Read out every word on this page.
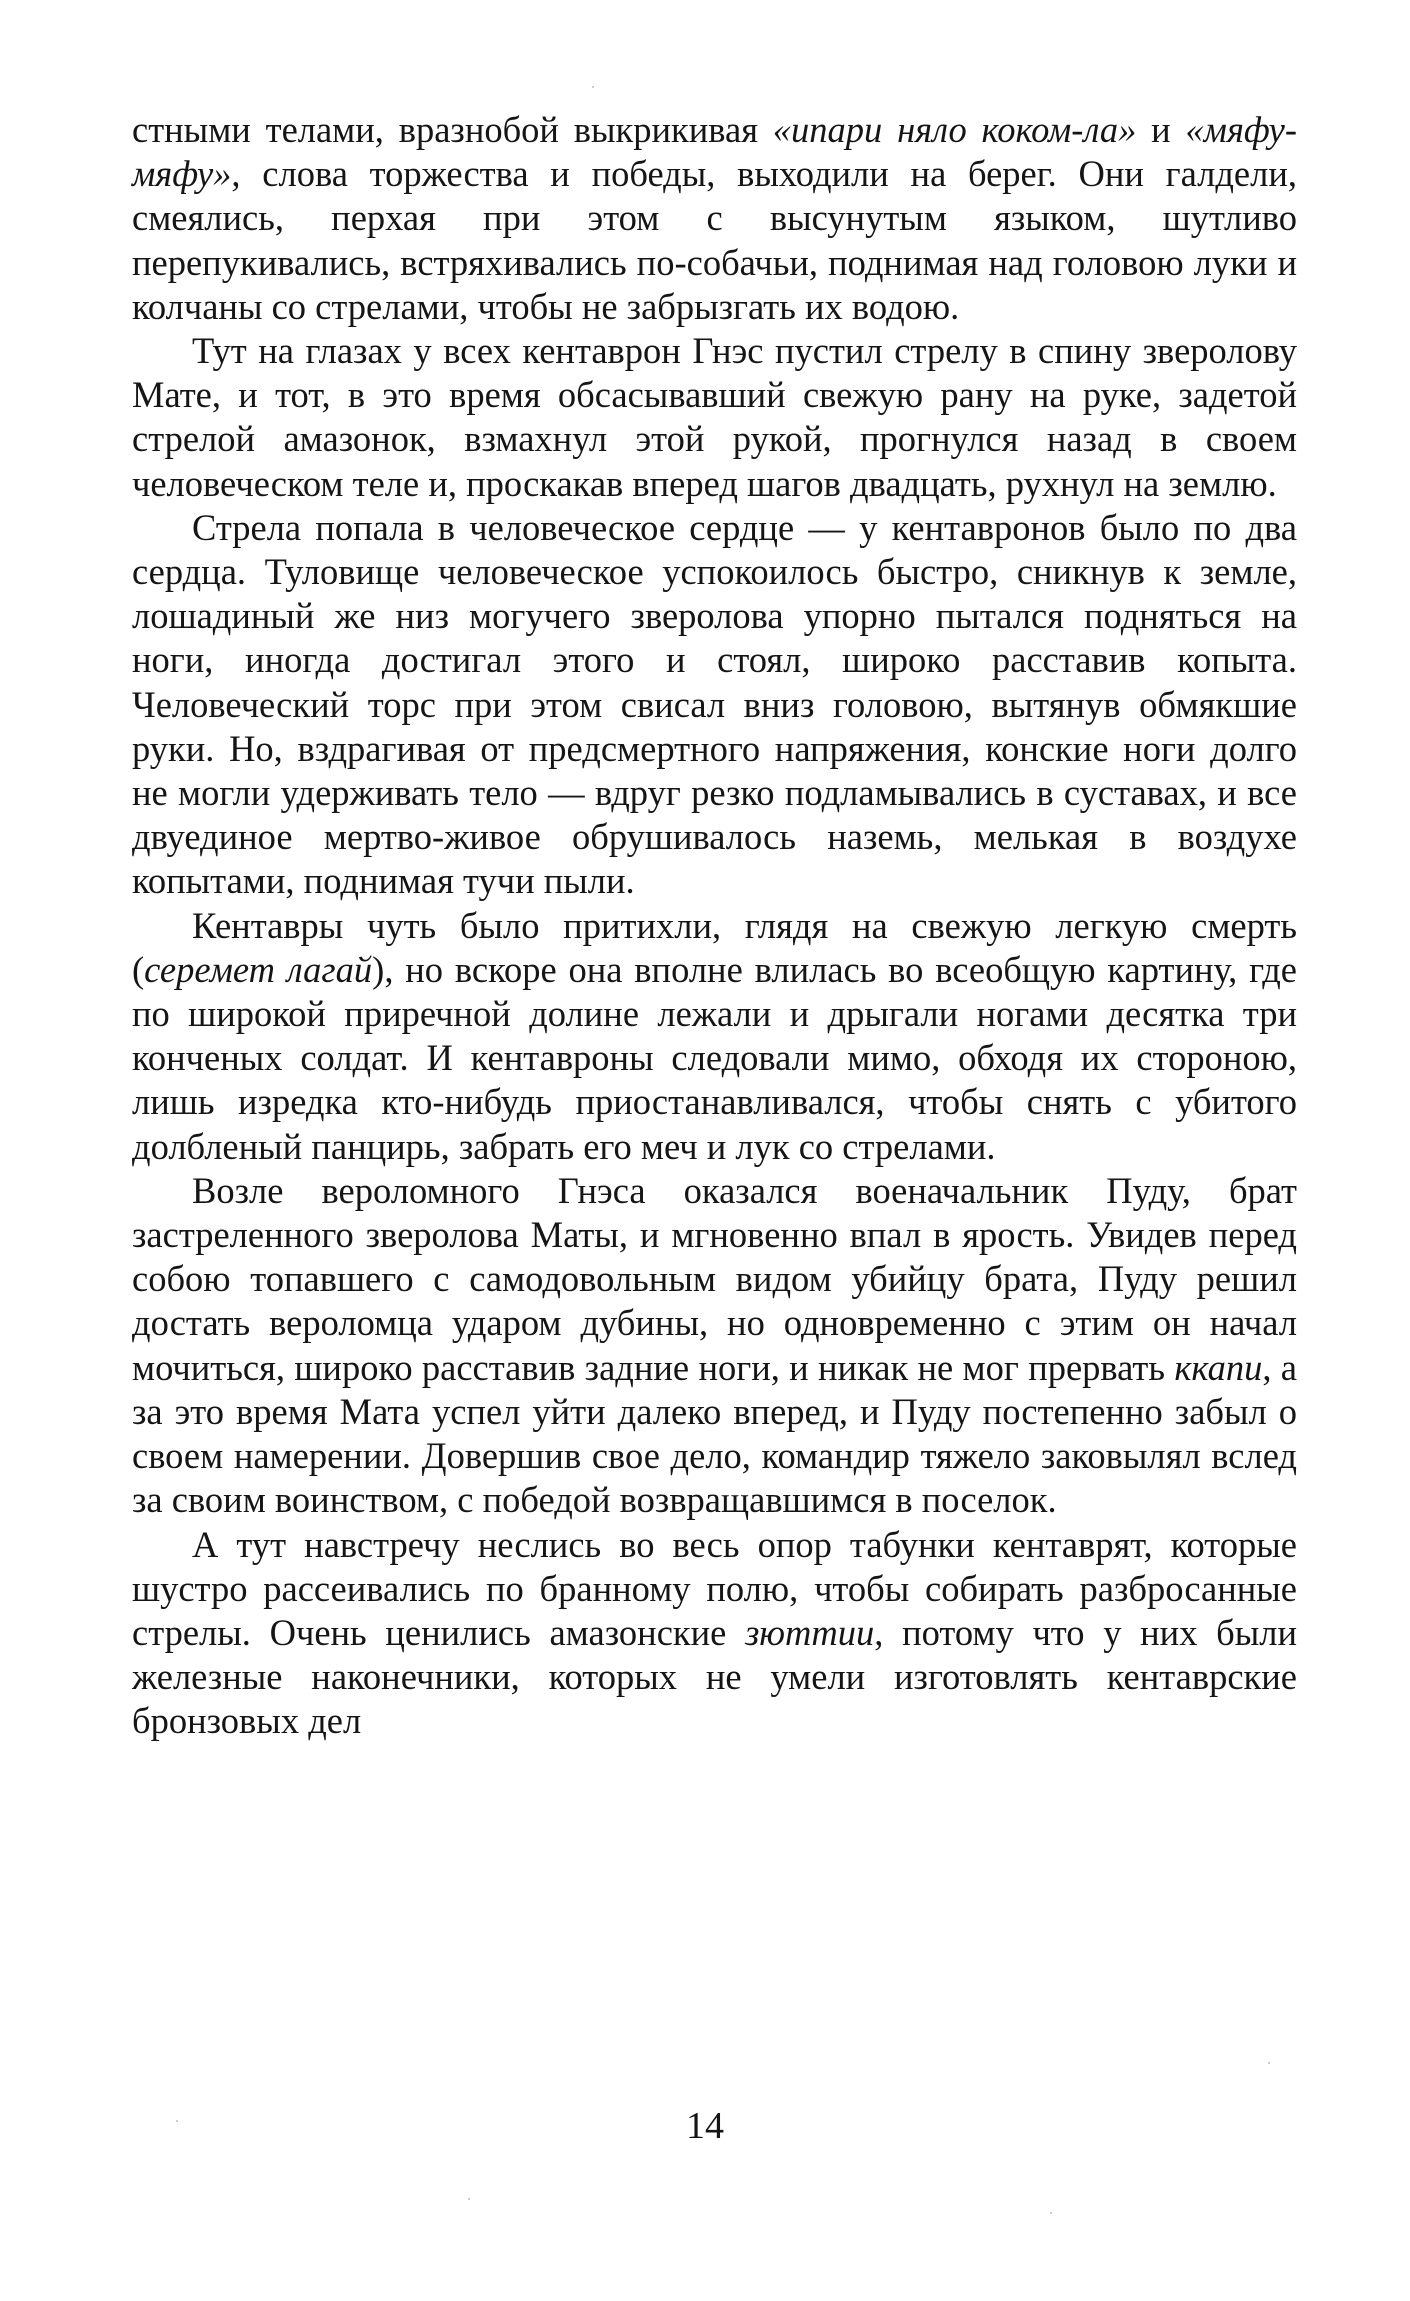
стными телами, вразнобой выкрикивая «ипари няло коком-ла» и «мяфу-мяфу», слова торжества и победы, выходили на берег. Они галдели, смеялись, перхая при этом с высунутым языком, шутливо перепукивались, встряхивались по-собачьи, поднимая над головою луки и колчаны со стрелами, чтобы не забрызгать их водою.

Тут на глазах у всех кентаврон Гнэс пустил стрелу в спину зверолову Мате, и тот, в это время обсасывавший свежую рану на руке, задетой стрелой амазонок, взмахнул этой рукой, прогнулся назад в своем человеческом теле и, проскакав вперед шагов двадцать, рухнул на землю.

Стрела попала в человеческое сердце — у кентавронов было по два сердца. Туловище человеческое успокоилось быстро, сникнув к земле, лошадиный же низ могучего зверолова упорно пытался подняться на ноги, иногда достигал этого и стоял, широко расставив копыта. Человеческий торс при этом свисал вниз головою, вытянув обмякшие руки. Но, вздрагивая от предсмертного напряжения, конские ноги долго не могли удерживать тело — вдруг резко подламывались в суставах, и все двуединое мертво-живое обрушивалось наземь, мелькая в воздухе копытами, поднимая тучи пыли.

Кентавры чуть было притихли, глядя на свежую легкую смерть (серемет лагай), но вскоре она вполне влилась во всеобщую картину, где по широкой приречной долине лежали и дрыгали ногами десятка три конченых солдат. И кентавроны следовали мимо, обходя их стороною, лишь изредка кто-нибудь приостанавливался, чтобы снять с убитого долбленый панцирь, забрать его меч и лук со стрелами.

Возле вероломного Гнэса оказался военачальник Пуду, брат застреленного зверолова Маты, и мгновенно впал в ярость. Увидев перед собою топавшего с самодовольным видом убийцу брата, Пуду решил достать вероломца ударом дубины, но одновременно с этим он начал мочиться, широко расставив задние ноги, и никак не мог прервать ккапи, а за это время Мата успел уйти далеко вперед, и Пуду постепенно забыл о своем намерении. Довершив свое дело, командир тяжело заковылял вслед за своим воинством, с победой возвращавшимся в поселок.

А тут навстречу неслись во весь опор табунки кентаврят, которые шустро рассеивались по бранному полю, чтобы собирать разбросанные стрелы. Очень ценились амазонские зюттии, потому что у них были железные наконечники, которых не умели изготовлять кентаврские бронзовых дел

14
